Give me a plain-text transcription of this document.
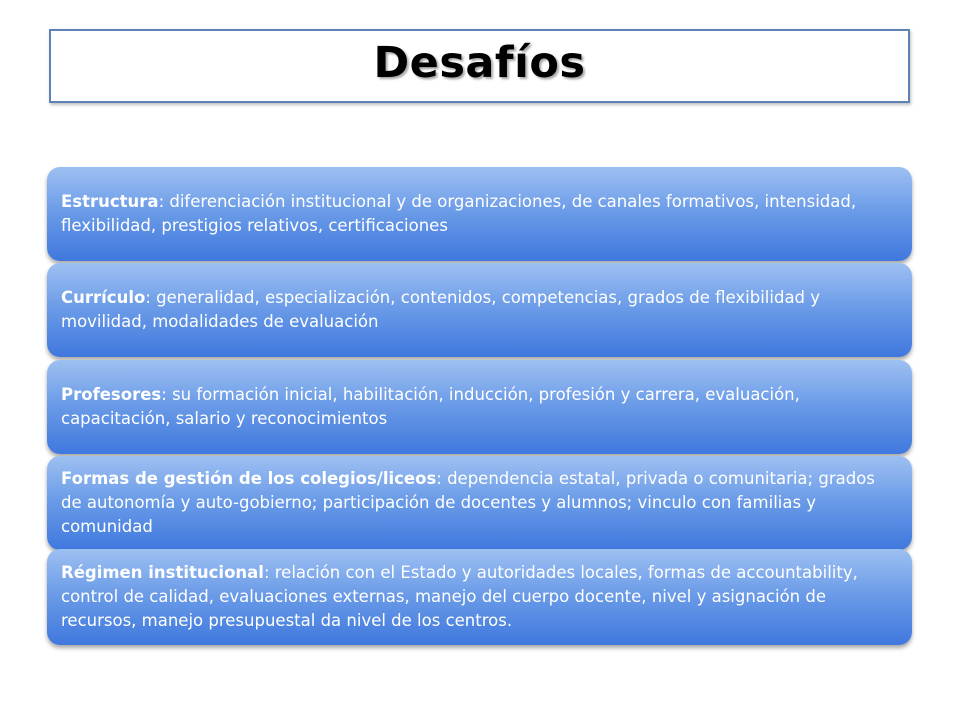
Desafíos
Estructura: diferenciación institucional y de organizaciones, de canales formativos, intensidad, flexibilidad, prestigios relativos, certificaciones
Currículo: generalidad, especialización, contenidos, competencias, grados de flexibilidad y movilidad, modalidades de evaluación
Profesores: su formación inicial, habilitación, inducción, profesión y carrera, evaluación, capacitación, salario y reconocimientos
Formas de gestión de los colegios/liceos: dependencia estatal, privada o comunitaria; grados de autonomía y auto-gobierno; participación de docentes y alumnos; vinculo con familias y comunidad
Régimen institucional: relación con el Estado y autoridades locales, formas de accountability, control de calidad, evaluaciones externas, manejo del cuerpo docente, nivel y asignación de recursos, manejo presupuestal da nivel de los centros.
